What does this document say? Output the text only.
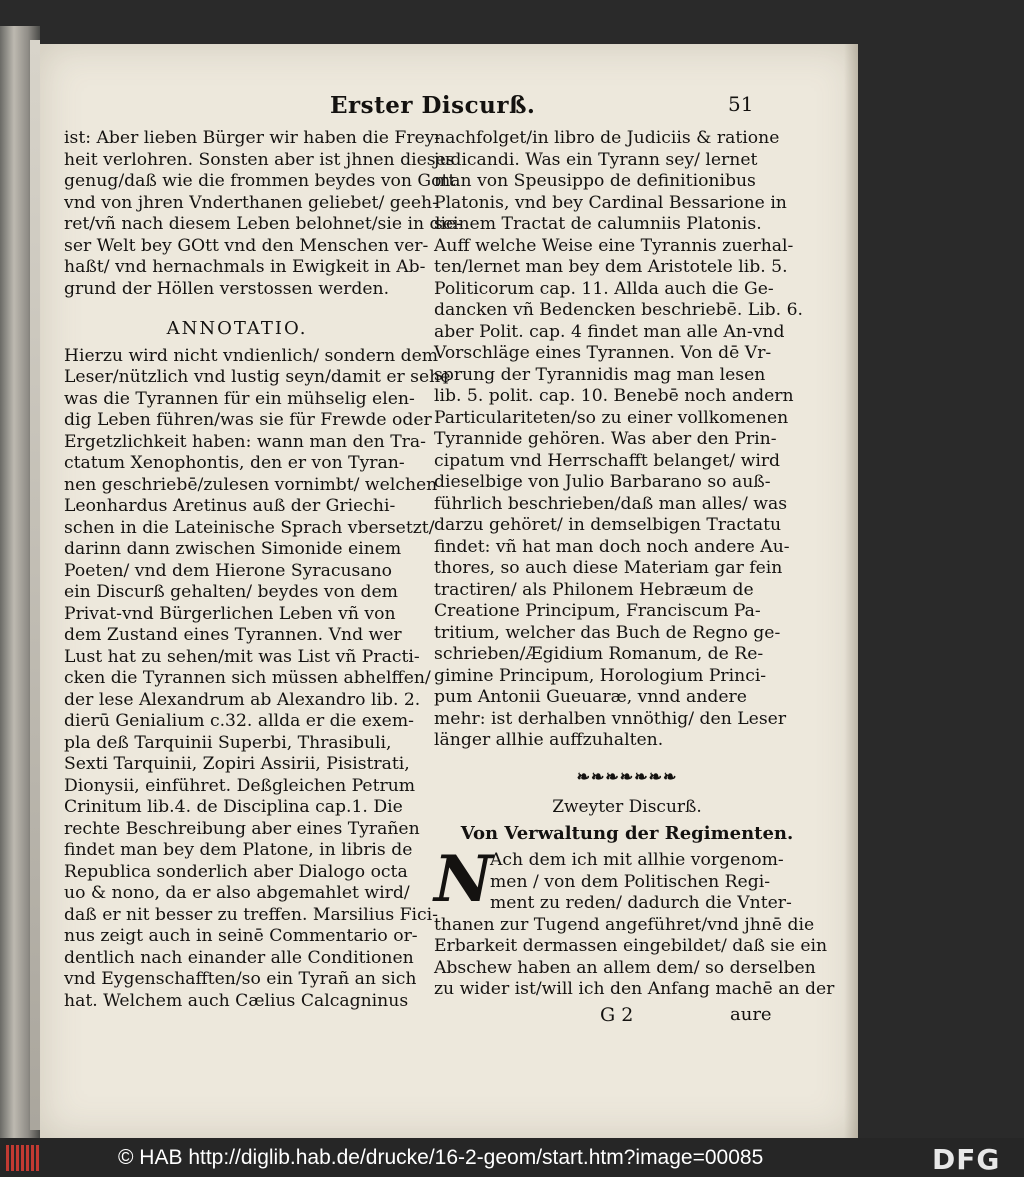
Erster Discurß.	51
ist: Aber lieben Bürger wir haben die Frey-
heit verlohren. Sonsten aber ist jhnen dieses
genug/daß wie die frommen beydes von Gott
vnd von jhren Vnderthanen geliebet/ geeh-
ret/vñ nach diesem Leben belohnet/sie in die-
ser Welt bey GOtt vnd den Menschen ver-
haßt/ vnd hernachmals in Ewigkeit in Ab-
grund der Höllen verstossen werden.
ANNOTATIO.
Hierzu wird nicht vndienlich/ sondern dem
Leser/nützlich vnd lustig seyn/damit er sehe
was die Tyrannen für ein mühselig elen-
dig Leben führen/was sie für Frewde oder
Ergetzlichkeit haben: wann man den Tra-
ctatum Xenophontis, den er von Tyran-
nen geschriebē/zulesen vornimbt/ welchen
Leonhardus Aretinus auß der Griechi-
schen in die Lateinische Sprach vbersetzt/
darinn dann zwischen Simonide einem
Poeten/ vnd dem Hierone Syracusano
ein Discurß gehalten/ beydes von dem
Privat-vnd Bürgerlichen Leben vñ von
dem Zustand eines Tyrannen. Vnd wer
Lust hat zu sehen/mit was List vñ Practi-
cken die Tyrannen sich müssen abhelffen/
der lese Alexandrum ab Alexandro lib. 2.
dierū Genialium c.32. allda er die exem-
pla deß Tarquinii Superbi, Thrasibuli,
Sexti Tarquinii, Zopiri Assirii, Pisistrati,
Dionysii, einführet. Deßgleichen Petrum
Crinitum lib.4. de Disciplina cap.1. Die
rechte Beschreibung aber eines Tyrañen
findet man bey dem Platone, in libris de
Republica sonderlich aber Dialogo octa
uo & nono, da er also abgemahlet wird/
daß er nit besser zu treffen. Marsilius Fici-
nus zeigt auch in seinē Commentario or-
dentlich nach einander alle Conditionen
vnd Eygenschafften/so ein Tyrañ an sich
hat. Welchem auch Cælius Calcagninus
nachfolget/in libro de Judiciis & ratione
judicandi. Was ein Tyrann sey/ lernet
man von Speusippo de definitionibus
Platonis, vnd bey Cardinal Bessarione in
seinem Tractat de calumniis Platonis.
Auff welche Weise eine Tyrannis zuerhal-
ten/lernet man bey dem Aristotele lib. 5.
Politicorum cap. 11. Allda auch die Ge-
dancken vñ Bedencken beschriebē. Lib. 6.
aber Polit. cap. 4 findet man alle An-vnd
Vorschläge eines Tyrannen. Von dē Vr-
sprung der Tyrannidis mag man lesen
lib. 5. polit. cap. 10. Benebē noch andern
Particulariteten/so zu einer vollkomenen
Tyrannide gehören. Was aber den Prin-
cipatum vnd Herrschafft belanget/ wird
dieselbige von Julio Barbarano so auß-
führlich beschrieben/daß man alles/ was
darzu gehöret/ in demselbigen Tractatu
findet: vñ hat man doch noch andere Au-
thores, so auch diese Materiam gar fein
tractiren/ als Philonem Hebræum de
Creatione Principum, Franciscum Pa-
tritium, welcher das Buch de Regno ge-
schrieben/Ægidium Romanum, de Re-
gimine Principum, Horologium Princi-
pum Antonii Gueuaræ, vnnd andere
mehr: ist derhalben vnnöthig/ den Leser
länger allhie auffzuhalten.
❧❧❧❧❧❧❧
Zweyter Discurß.
Von Verwaltung der Regimenten.
N
Ach dem ich mit allhie vorgenom-
men / von dem Politischen Regi-
ment zu reden/ dadurch die Vnter-
thanen zur Tugend angeführet/vnd jhnē die
Erbarkeit dermassen eingebildet/ daß sie ein
Abschew haben an allem dem/ so derselben
zu wider ist/will ich den Anfang machē an der
G 2	aure
© HAB http://diglib.hab.de/drucke/16-2-geom/start.htm?image=00085	DFG
